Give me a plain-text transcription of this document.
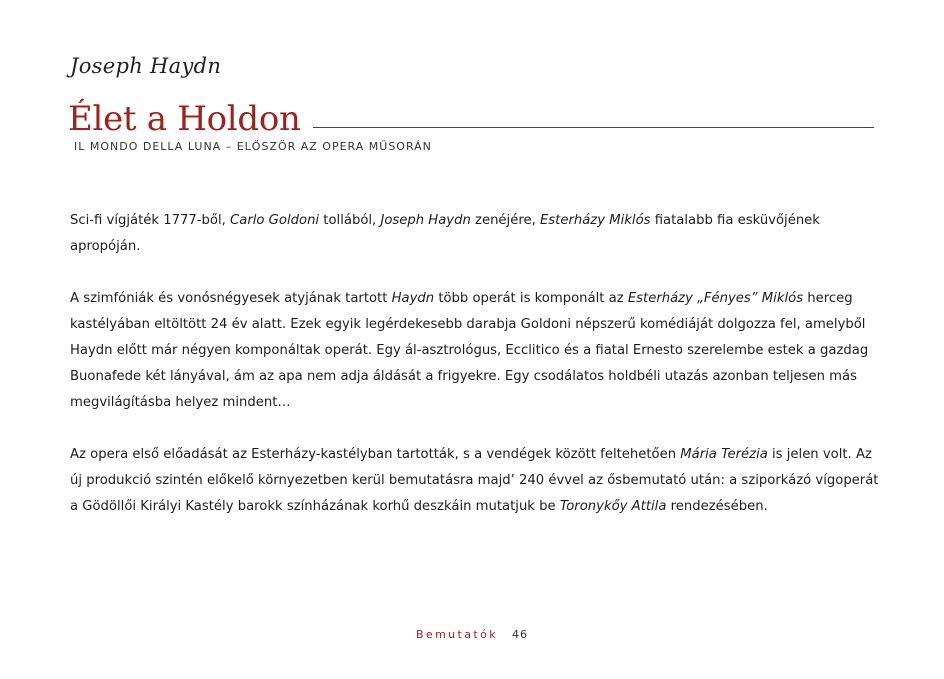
Joseph Haydn
Élet a Holdon
IL MONDO DELLA LUNA – ELŐSZÖR AZ OPERA MŰSORÁN

Sci-fi vígjáték 1777-ből, Carlo Goldoni tollából, Joseph Haydn zenéjére, Esterházy Miklós fiatalabb fia esküvőjének apropóján.

A szimfóniák és vonósnégyesek atyjának tartott Haydn több operát is komponált az Esterházy „Fényes” Miklós herceg kastélyában eltöltött 24 év alatt. Ezek egyik legérdekesebb darabja Goldoni népszerű komédiáját dolgozza fel, amelyből Haydn előtt már négyen komponáltak operát. Egy ál-asztrológus, Ecclitico és a fiatal Ernesto szerelembe estek a gazdag Buonafede két lányával, ám az apa nem adja áldását a frigyekre. Egy csodálatos holdbéli utazás azonban teljesen más megvilágításba helyez mindent…

Az opera első előadását az Esterházy-kastélyban tartották, s a vendégek között feltehetően Mária Terézia is jelen volt. Az új produkció szintén előkelő környezetben kerül bemutatásra majd’ 240 évvel az ősbemutató után: a sziporkázó vígoperát a Gödöllői Királyi Kastély barokk színházának korhű deszkáin mutatjuk be Toronykőy Attila rendezésében.

Bemutatók 46
